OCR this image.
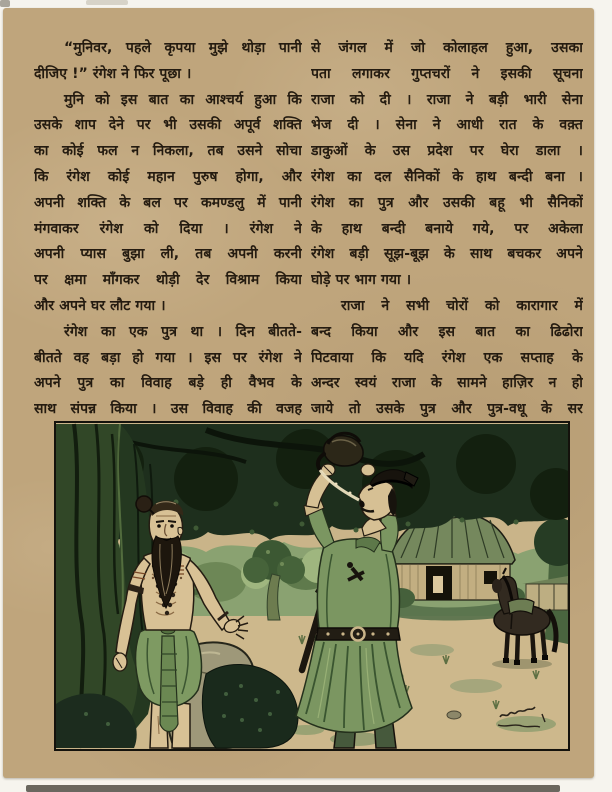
“मुनिवर, पहले कृपया मुझे थोड़ा पानी
दीजिए !” रंगेश ने फिर पूछा ।
मुनि को इस बात का आश्चर्य हुआ कि
उसके शाप देने पर भी उसकी अपूर्व शक्ति
का कोई फल न निकला, तब उसने सोचा
कि रंगेश कोई महान पुरुष होगा, और
अपनी शक्ति के बल पर कमण्डलु में पानी
मंगवाकर रंगेश को दिया । रंगेश ने
अपनी प्यास बुझा ली, तब अपनी करनी
पर क्षमा माँगकर थोड़ी देर विश्राम किया
और अपने घर लौट गया ।
रंगेश का एक पुत्र था । दिन बीतते-
बीतते वह बड़ा हो गया । इस पर रंगेश ने
अपने पुत्र का विवाह बड़े ही वैभव के
साथ संपन्न किया । उस विवाह की वजह
से जंगल में जो कोलाहल हुआ, उसका
पता लगाकर गुप्तचरों ने इसकी सूचना
राजा को दी । राजा ने बड़ी भारी सेना
भेज दी । सेना ने आधी रात के वक़्त
डाकुओं के उस प्रदेश पर घेरा डाला ।
रंगेश का दल सैनिकों के हाथ बन्दी बना ।
रंगेश का पुत्र और उसकी बहू भी सैनिकों
के हाथ बन्दी बनाये गये, पर अकेला
रंगेश बड़ी सूझ-बूझ के साथ बचकर अपने
घोड़े पर भाग गया ।
राजा ने सभी चोरों को कारागार में
बन्द किया और इस बात का ढिढोरा
पिटवाया कि यदि रंगेश एक सप्ताह के
अन्दर स्वयं राजा के सामने हाज़िर न हो
जाये तो उसके पुत्र और पुत्र-वधू के सर
